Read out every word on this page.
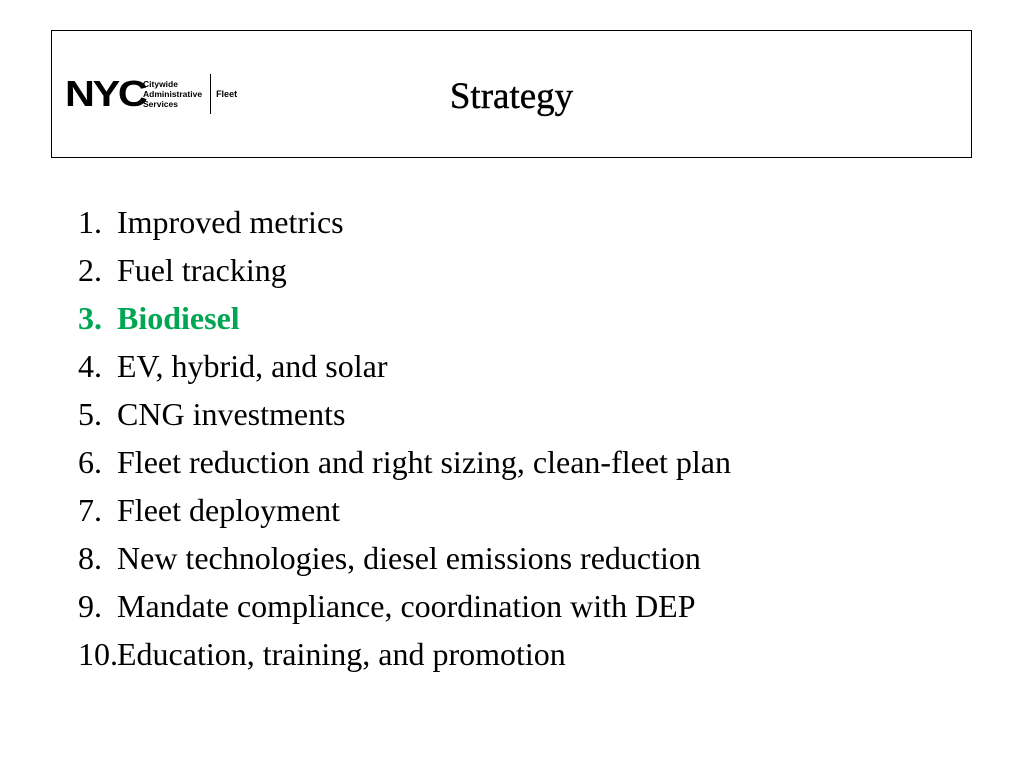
NYC
Citywide
Administrative
Services
Fleet	Strategy
1. Improved metrics
2. Fuel tracking
3. Biodiesel
4. EV, hybrid, and solar
5. CNG investments
6. Fleet reduction and right sizing, clean-fleet plan
7. Fleet deployment
8. New technologies, diesel emissions reduction
9. Mandate compliance, coordination with DEP
10. Education, training, and promotion
